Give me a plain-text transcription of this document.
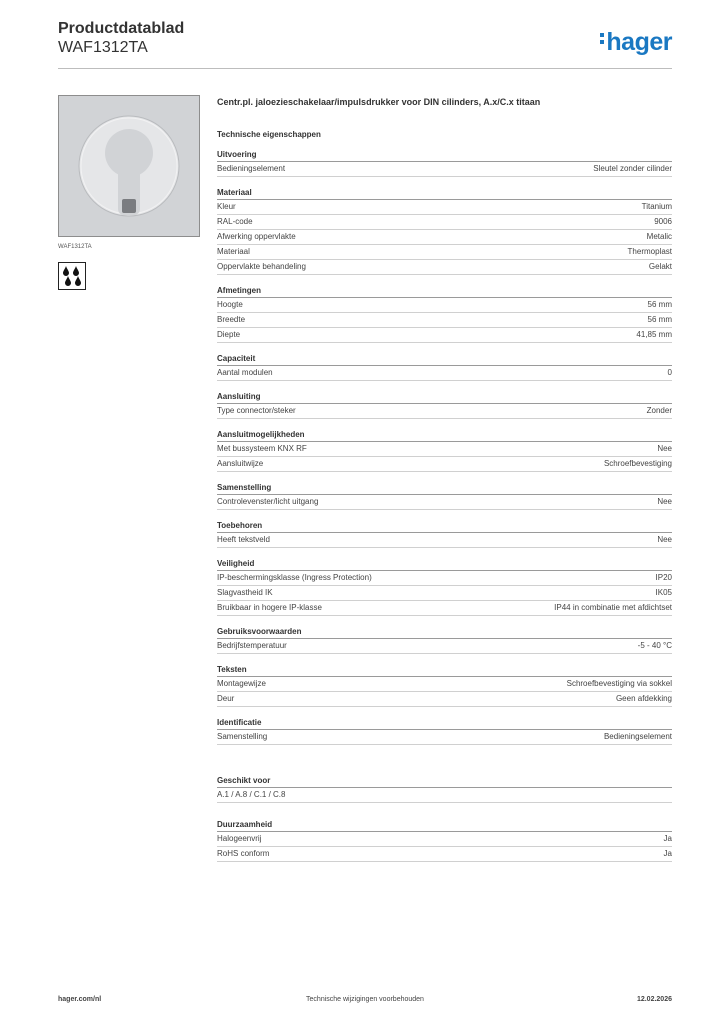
Productdatablad
WAF1312TA	hager
WAF1312TA
Centr.pl. jaloezieschakelaar/impulsdrukker voor DIN cilinders, A.x/C.x titaan
Technische eigenschappen
Uitvoering
Bedieningselement	Sleutel zonder cilinder
Materiaal
Kleur	Titanium
RAL-code	9006
Afwerking oppervlakte	Metalic
Materiaal	Thermoplast
Oppervlakte behandeling	Gelakt
Afmetingen
Hoogte	56 mm
Breedte	56 mm
Diepte	41,85 mm
Capaciteit
Aantal modulen	0
Aansluiting
Type connector/steker	Zonder
Aansluitmogelijkheden
Met bussysteem KNX RF	Nee
Aansluitwijze	Schroefbevestiging
Samenstelling
Controlevenster/licht uitgang	Nee
Toebehoren
Heeft tekstveld	Nee
Veiligheid
IP-beschermingsklasse (Ingress Protection)	IP20
Slagvastheid IK	IK05
Bruikbaar in hogere IP-klasse	IP44 in combinatie met afdichtset
Gebruiksvoorwaarden
Bedrijfstemperatuur	-5 - 40 °C
Teksten
Montagewijze	Schroefbevestiging via sokkel
Deur	Geen afdekking
Identificatie
Samenstelling	Bedieningselement
Geschikt voor
A.1 / A.8 / C.1 / C.8
Duurzaamheid
Halogeenvrij	Ja
RoHS conform	Ja
hager.com/nl	Technische wijzigingen voorbehouden	12.02.2026
